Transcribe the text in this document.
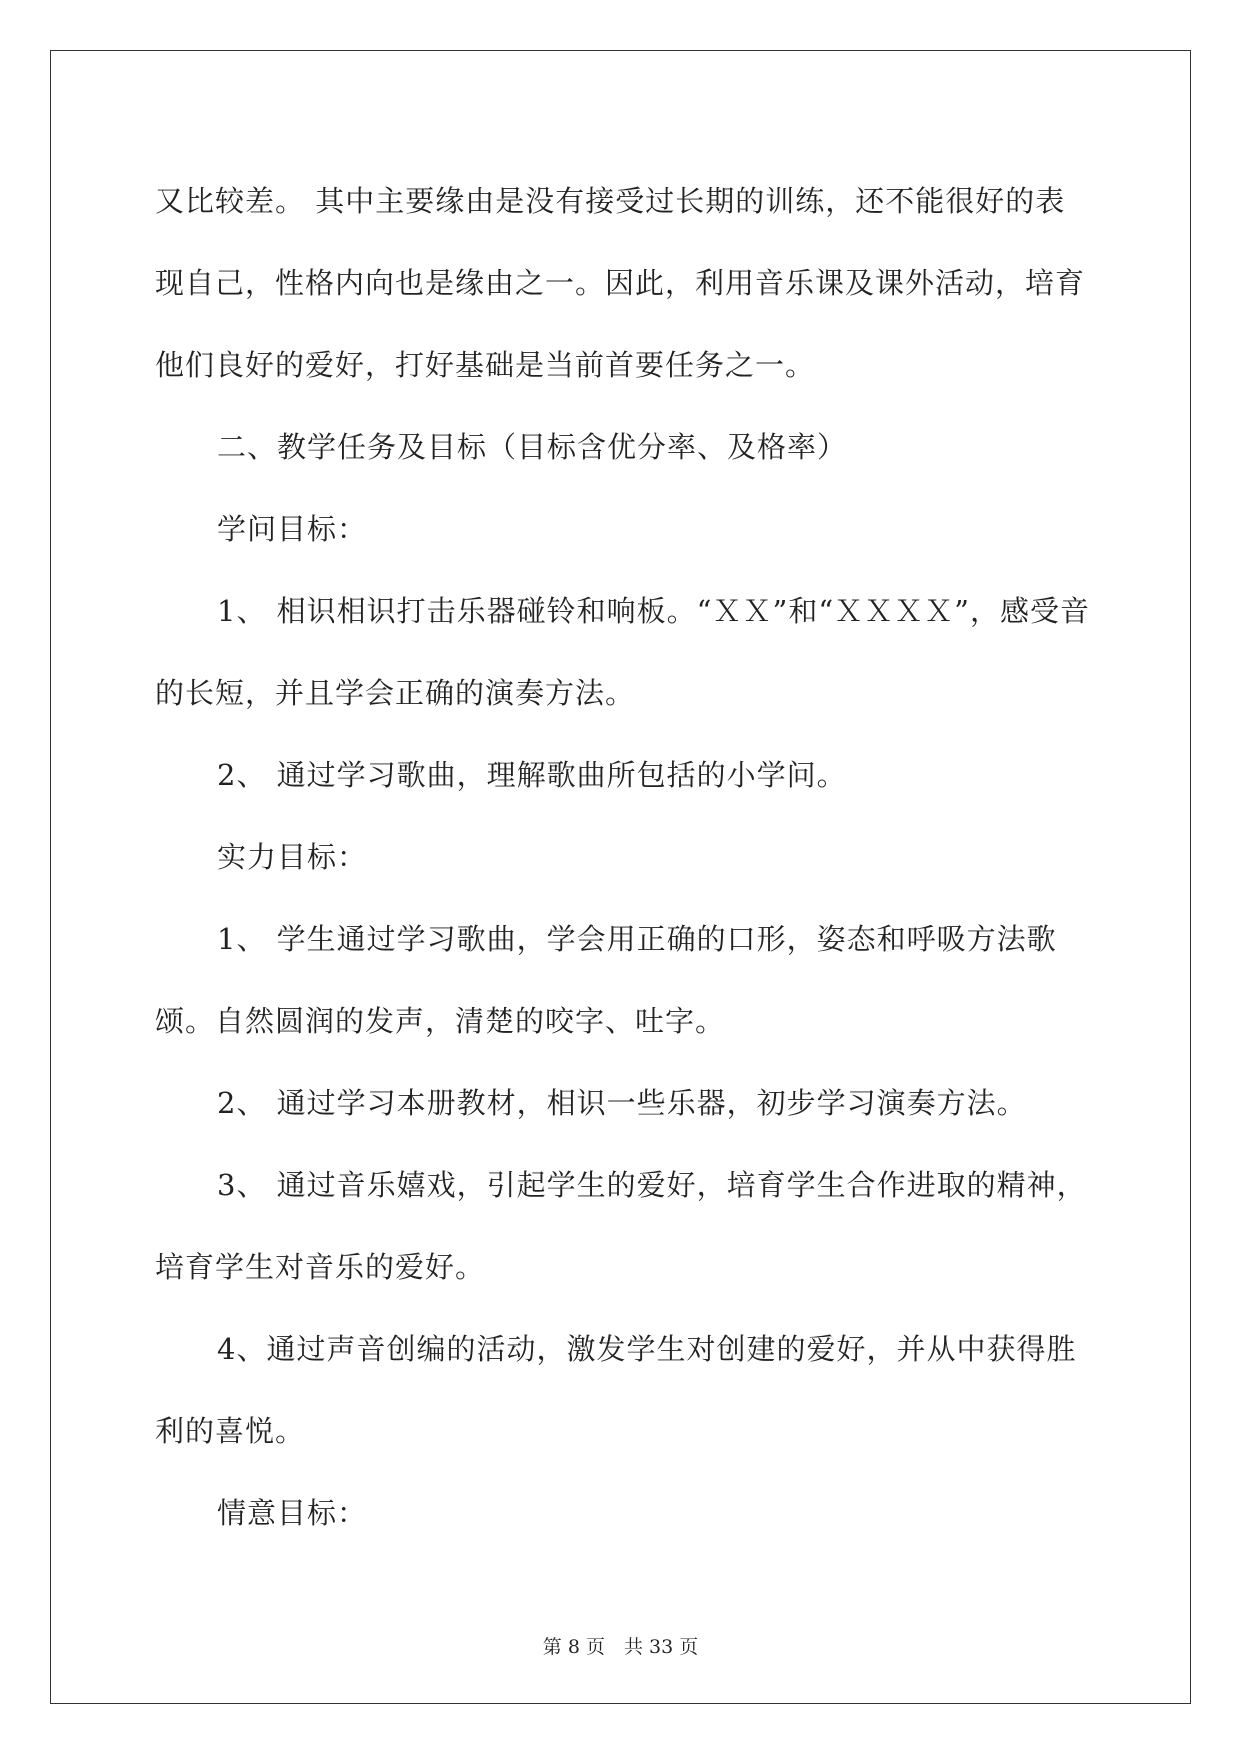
又比较差。 其中主要缘由是没有接受过长期的训练，还不能很好的表现自己，性格内向也是缘由之一。因此，利用音乐课及课外活动，培育他们良好的爱好，打好基础是当前首要任务之一。

二、教学任务及目标（目标含优分率、及格率）

学问目标：

1、 相识相识打击乐器碰铃和响板。“ＸＸ”和“ＸＸＸＸ”，感受音的长短，并且学会正确的演奏方法。

2、 通过学习歌曲，理解歌曲所包括的小学问。

实力目标：

1、 学生通过学习歌曲，学会用正确的口形，姿态和呼吸方法歌颂。自然圆润的发声，清楚的咬字、吐字。

2、 通过学习本册教材，相识一些乐器，初步学习演奏方法。

3、 通过音乐嬉戏，引起学生的爱好，培育学生合作进取的精神，培育学生对音乐的爱好。

4、通过声音创编的活动，激发学生对创建的爱好，并从中获得胜利的喜悦。

情意目标：

第 8 页　共 33 页
